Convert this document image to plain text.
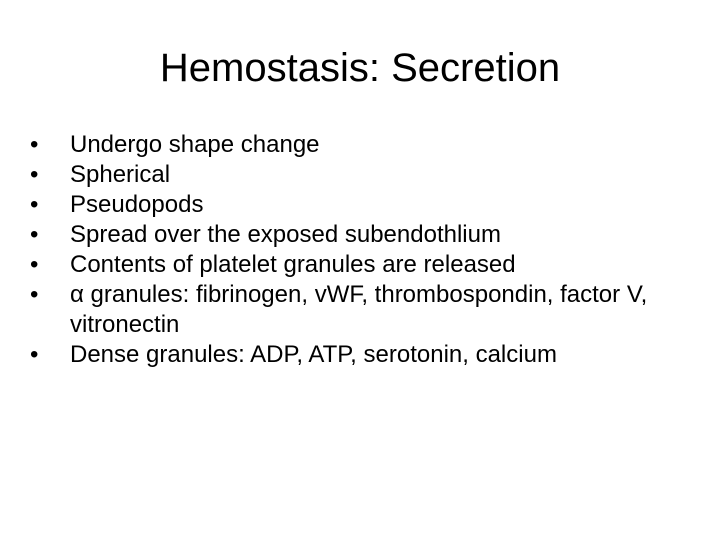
Hemostasis: Secretion
•	Undergo shape change
•	Spherical
•	Pseudopods
•	Spread over the exposed subendothlium
•	Contents of platelet granules are released
•	α granules: fibrinogen, vWF, thrombospondin, factor V, vitronectin
•	Dense granules: ADP, ATP, serotonin, calcium
